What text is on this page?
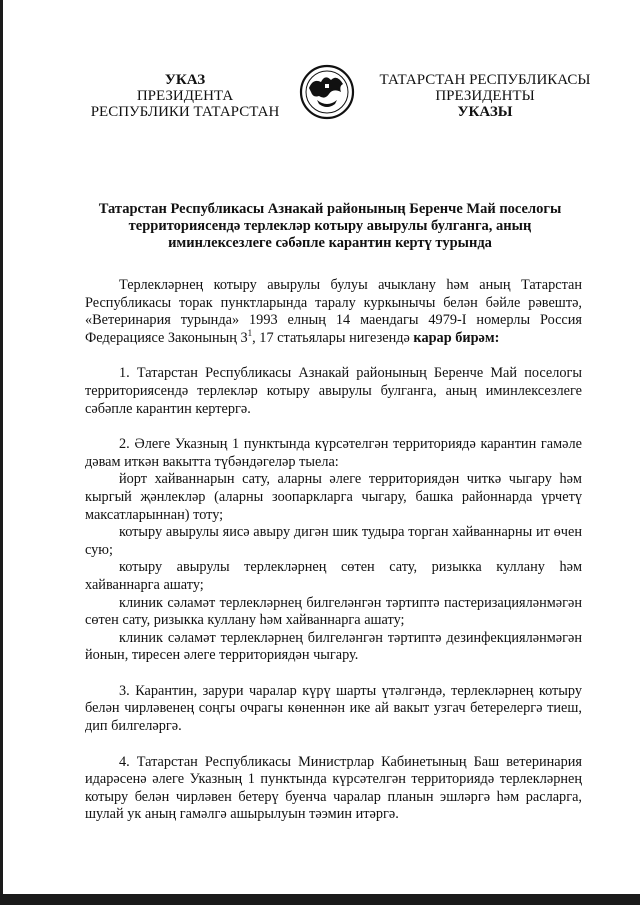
УКАЗ
ПРЕЗИДЕНТА
РЕСПУБЛИКИ ТАТАРСТАН
ТАТАРСТАН РЕСПУБЛИКАСЫ
ПРЕЗИДЕНТЫ
УКАЗЫ
Татарстан Республикасы Азнакай районының Беренче Май поселогы
территориясендә терлекләр котыру авырулы булганга, аның
иминлексезлеге сәбәпле карантин кертү турында

Терлекләрнең котыру авырулы булуы ачыклану һәм аның Татарстан Республикасы торак пунктларында таралу куркынычы белән бәйле рәвештә, «Ветеринария турында» 1993 елның 14 маендагы 4979-I номерлы Россия Федерациясе Законының $3^1$, 17 статьялары нигезендә карар бирәм:

1. Татарстан Республикасы Азнакай районының Беренче Май поселогы территориясендә терлекләр котыру авырулы булганга, аның иминлексезлеге сәбәпле карантин кертергә.

2. Әлеге Указның 1 пунктында күрсәтелгән территориядә карантин гамәле дәвам иткән вакытта түбәндәгеләр тыела:

йорт хайваннарын сату, аларны әлеге территориядән читкә чыгару һәм кыргый җәнлекләр (аларны зоопаркларга чыгару, башка районнарда үрчетү максатларыннан) тоту;

котыру авырулы яисә авыру дигән шик тудыра торган хайваннарны ит өчен сую;

котыру авырулы терлекләрнең сөтен сату, ризыкка куллану һәм хайваннарга ашату;

клиник сәламәт терлекләрнең билгеләнгән тәртиптә пастеризацияләнмәгән сөтен сату, ризыкка куллану һәм хайваннарга ашату;

клиник сәламәт терлекләрнең билгеләнгән тәртиптә дезинфекцияләнмәгән йонын, тиресен әлеге территориядән чыгару.

3. Карантин, зарури чаралар күрү шарты үтәлгәндә, терлекләрнең котыру белән чирләвенең соңгы очрагы көненнән ике ай вакыт узгач бетерелергә тиеш, дип билгеләргә.

4. Татарстан Республикасы Министрлар Кабинетының Баш ветеринария идарәсенә әлеге Указның 1 пунктында күрсәтелгән территориядә терлекләрнең котыру белән чирләвен бетерү буенча чаралар планын эшләргә һәм расларга, шулай ук аның гамәлгә ашырылуын тәэмин итәргә.
